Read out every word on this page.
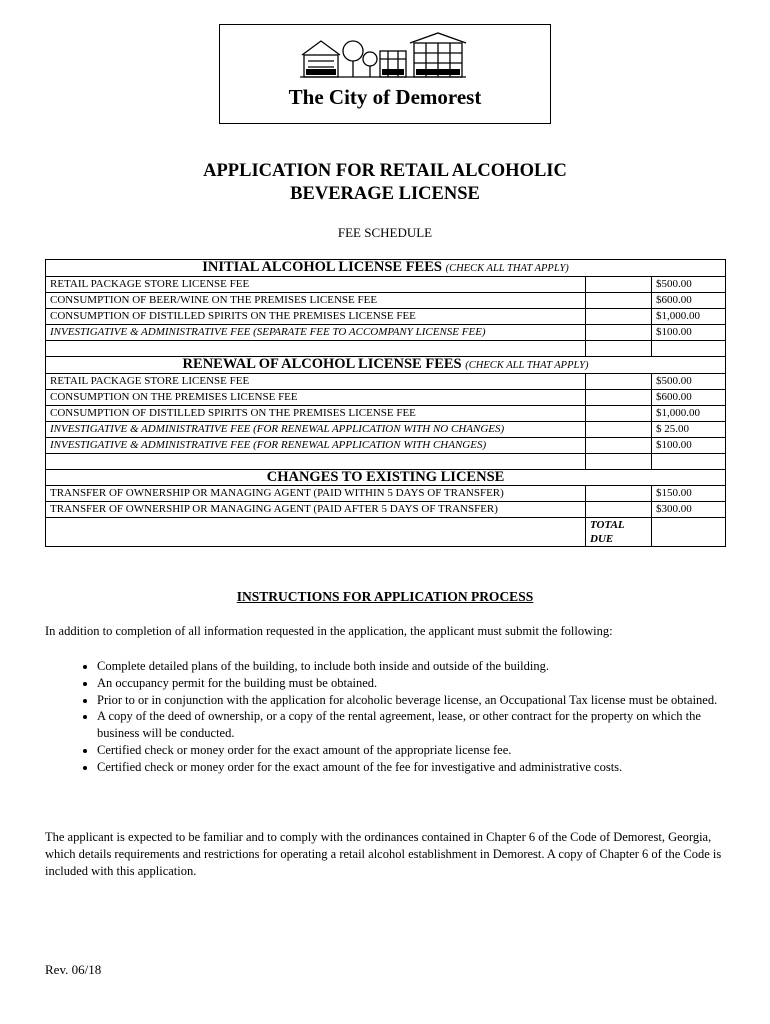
The City of Demorest
APPLICATION FOR RETAIL ALCOHOLIC
BEVERAGE LICENSE
FEE SCHEDULE
INITIAL ALCOHOL LICENSE FEES (CHECK ALL THAT APPLY)		
RETAIL PACKAGE STORE LICENSE FEE		$500.00
CONSUMPTION OF BEER/WINE ON THE PREMISES LICENSE FEE		$600.00
CONSUMPTION OF DISTILLED SPIRITS ON THE PREMISES LICENSE FEE		$1,000.00
INVESTIGATIVE & ADMINISTRATIVE FEE (SEPARATE FEE TO ACCOMPANY LICENSE FEE)		$100.00

RENEWAL OF ALCOHOL LICENSE FEES (CHECK ALL THAT APPLY)		
RETAIL PACKAGE STORE LICENSE FEE		$500.00
CONSUMPTION ON THE PREMISES LICENSE FEE		$600.00
CONSUMPTION OF DISTILLED SPIRITS ON THE PREMISES LICENSE FEE		$1,000.00
INVESTIGATIVE & ADMINISTRATIVE FEE (FOR RENEWAL APPLICATION WITH NO CHANGES)		$ 25.00
INVESTIGATIVE & ADMINISTRATIVE FEE (FOR RENEWAL APPLICATION WITH CHANGES)		$100.00

CHANGES TO EXISTING LICENSE		
TRANSFER OF OWNERSHIP OR MANAGING AGENT (PAID WITHIN 5 DAYS OF TRANSFER)		$150.00
TRANSFER OF OWNERSHIP OR MANAGING AGENT (PAID AFTER 5 DAYS OF TRANSFER)		$300.00

	TOTAL
DUE	

INSTRUCTIONS FOR APPLICATION PROCESS
In addition to completion of all information requested in the application, the applicant must submit the following:
• Complete detailed plans of the building, to include both inside and outside of the building.
• An occupancy permit for the building must be obtained.
• Prior to or in conjunction with the application for alcoholic beverage license, an Occupational Tax license must be obtained.
• A copy of the deed of ownership, or a copy of the rental agreement, lease, or other contract for the property on which the business will be conducted.
• Certified check or money order for the exact amount of the appropriate license fee.
• Certified check or money order for the exact amount of the fee for investigative and administrative costs.
The applicant is expected to be familiar and to comply with the ordinances contained in Chapter 6 of the Code of Demorest, Georgia, which details requirements and restrictions for operating a retail alcohol establishment in Demorest. A copy of Chapter 6 of the Code is included with this application.
Rev. 06/18
